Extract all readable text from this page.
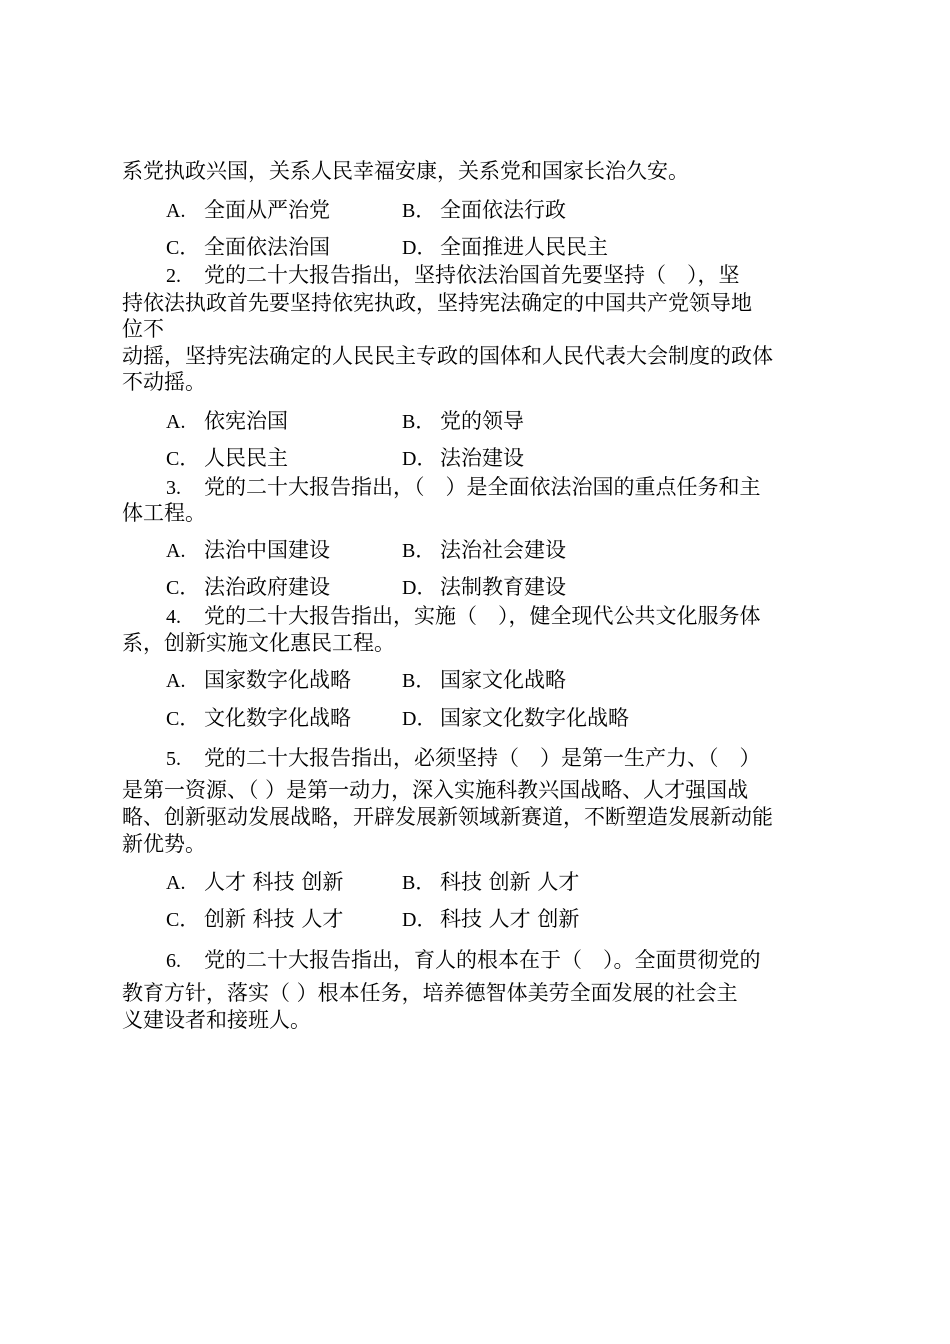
系党执政兴国，关系人民幸福安康，关系党和国家长治久安。
A. 全面从严治党	B． 全面依法行政
C． 全面依法治国	D． 全面推进人民民主
2. 党的二十大报告指出，坚持依法治国首先要坚持（　），坚
持依法执政首先要坚持依宪执政，坚持宪法确定的中国共产党领导地
位不
动摇，坚持宪法确定的人民民主专政的国体和人民代表大会制度的政体
不动摇。
A. 依宪治国	B． 党的领导
C． 人民民主	D． 法治建设
3. 党的二十大报告指出，（　）是全面依法治国的重点任务和主
体工程。
A. 法治中国建设	B． 法治社会建设
C． 法治政府建设	D． 法制教育建设
4. 党的二十大报告指出，实施（　），健全现代公共文化服务体
系，创新实施文化惠民工程。
A. 国家数字化战略	B． 国家文化战略
C． 文化数字化战略	D． 国家文化数字化战略
5. 党的二十大报告指出，必须坚持（　）是第一生产力、（　）
是第一资源、（ ）是第一动力，深入实施科教兴国战略、人才强国战
略、创新驱动发展战略，开辟发展新领域新赛道，不断塑造发展新动能
新优势。
A. 人才 科技 创新	B． 科技 创新 人才
C． 创新 科技 人才	D． 科技 人才 创新
6. 党的二十大报告指出，育人的根本在于（　）。全面贯彻党的
教育方针，落实（ ）根本任务，培养德智体美劳全面发展的社会主
义建设者和接班人。
